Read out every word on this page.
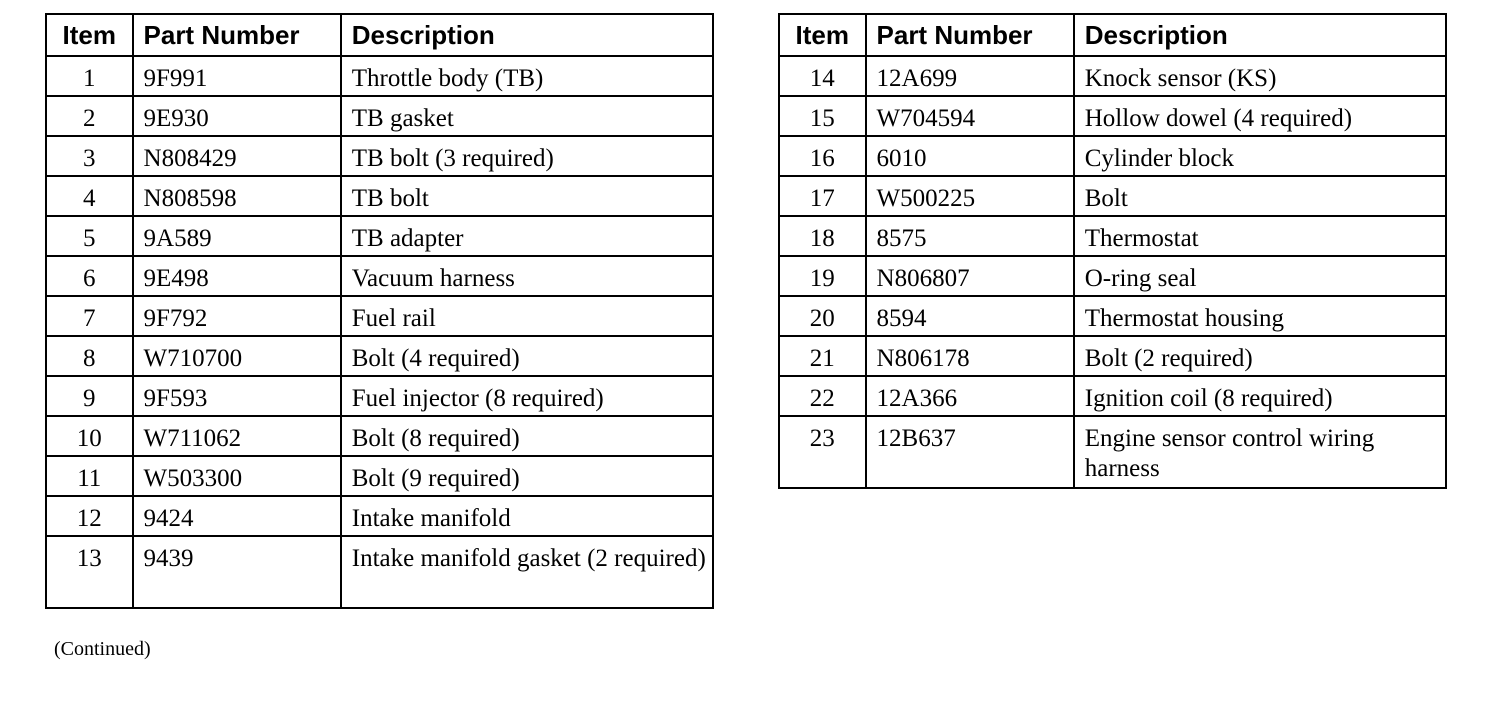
Item	Part Number	Description
1	9F991	Throttle body (TB)
2	9E930	TB gasket
3	N808429	TB bolt (3 required)
4	N808598	TB bolt
5	9A589	TB adapter
6	9E498	Vacuum harness
7	9F792	Fuel rail
8	W710700	Bolt (4 required)
9	9F593	Fuel injector (8 required)
10	W711062	Bolt (8 required)
11	W503300	Bolt (9 required)
12	9424	Intake manifold
13	9439	Intake manifold gasket (2 required)
Item	Part Number	Description
14	12A699	Knock sensor (KS)
15	W704594	Hollow dowel (4 required)
16	6010	Cylinder block
17	W500225	Bolt
18	8575	Thermostat
19	N806807	O-ring seal
20	8594	Thermostat housing
21	N806178	Bolt (2 required)
22	12A366	Ignition coil (8 required)
23	12B637	Engine sensor control wiring harness
(Continued)
